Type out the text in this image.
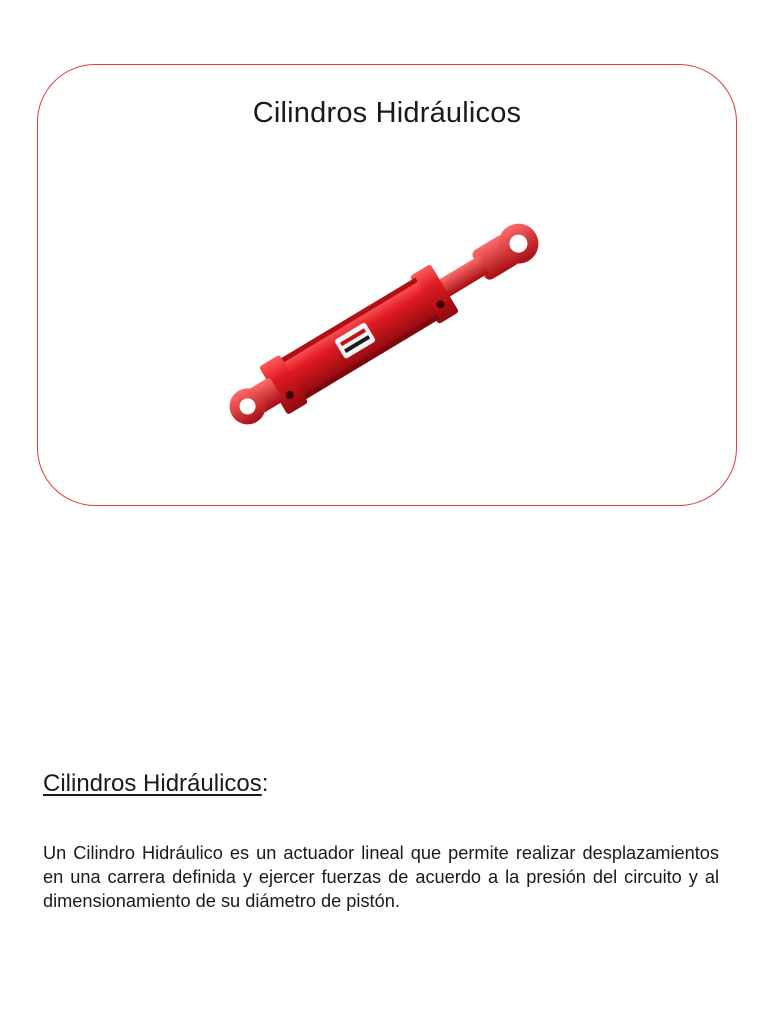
Cilindros Hidráulicos
Cilindros Hidráulicos:
Un Cilindro Hidráulico es un actuador lineal que permite realizar desplazamientos en una carrera definida y ejercer fuerzas de acuerdo a la presión del circuito y al dimensionamiento de su diámetro de pistón.
